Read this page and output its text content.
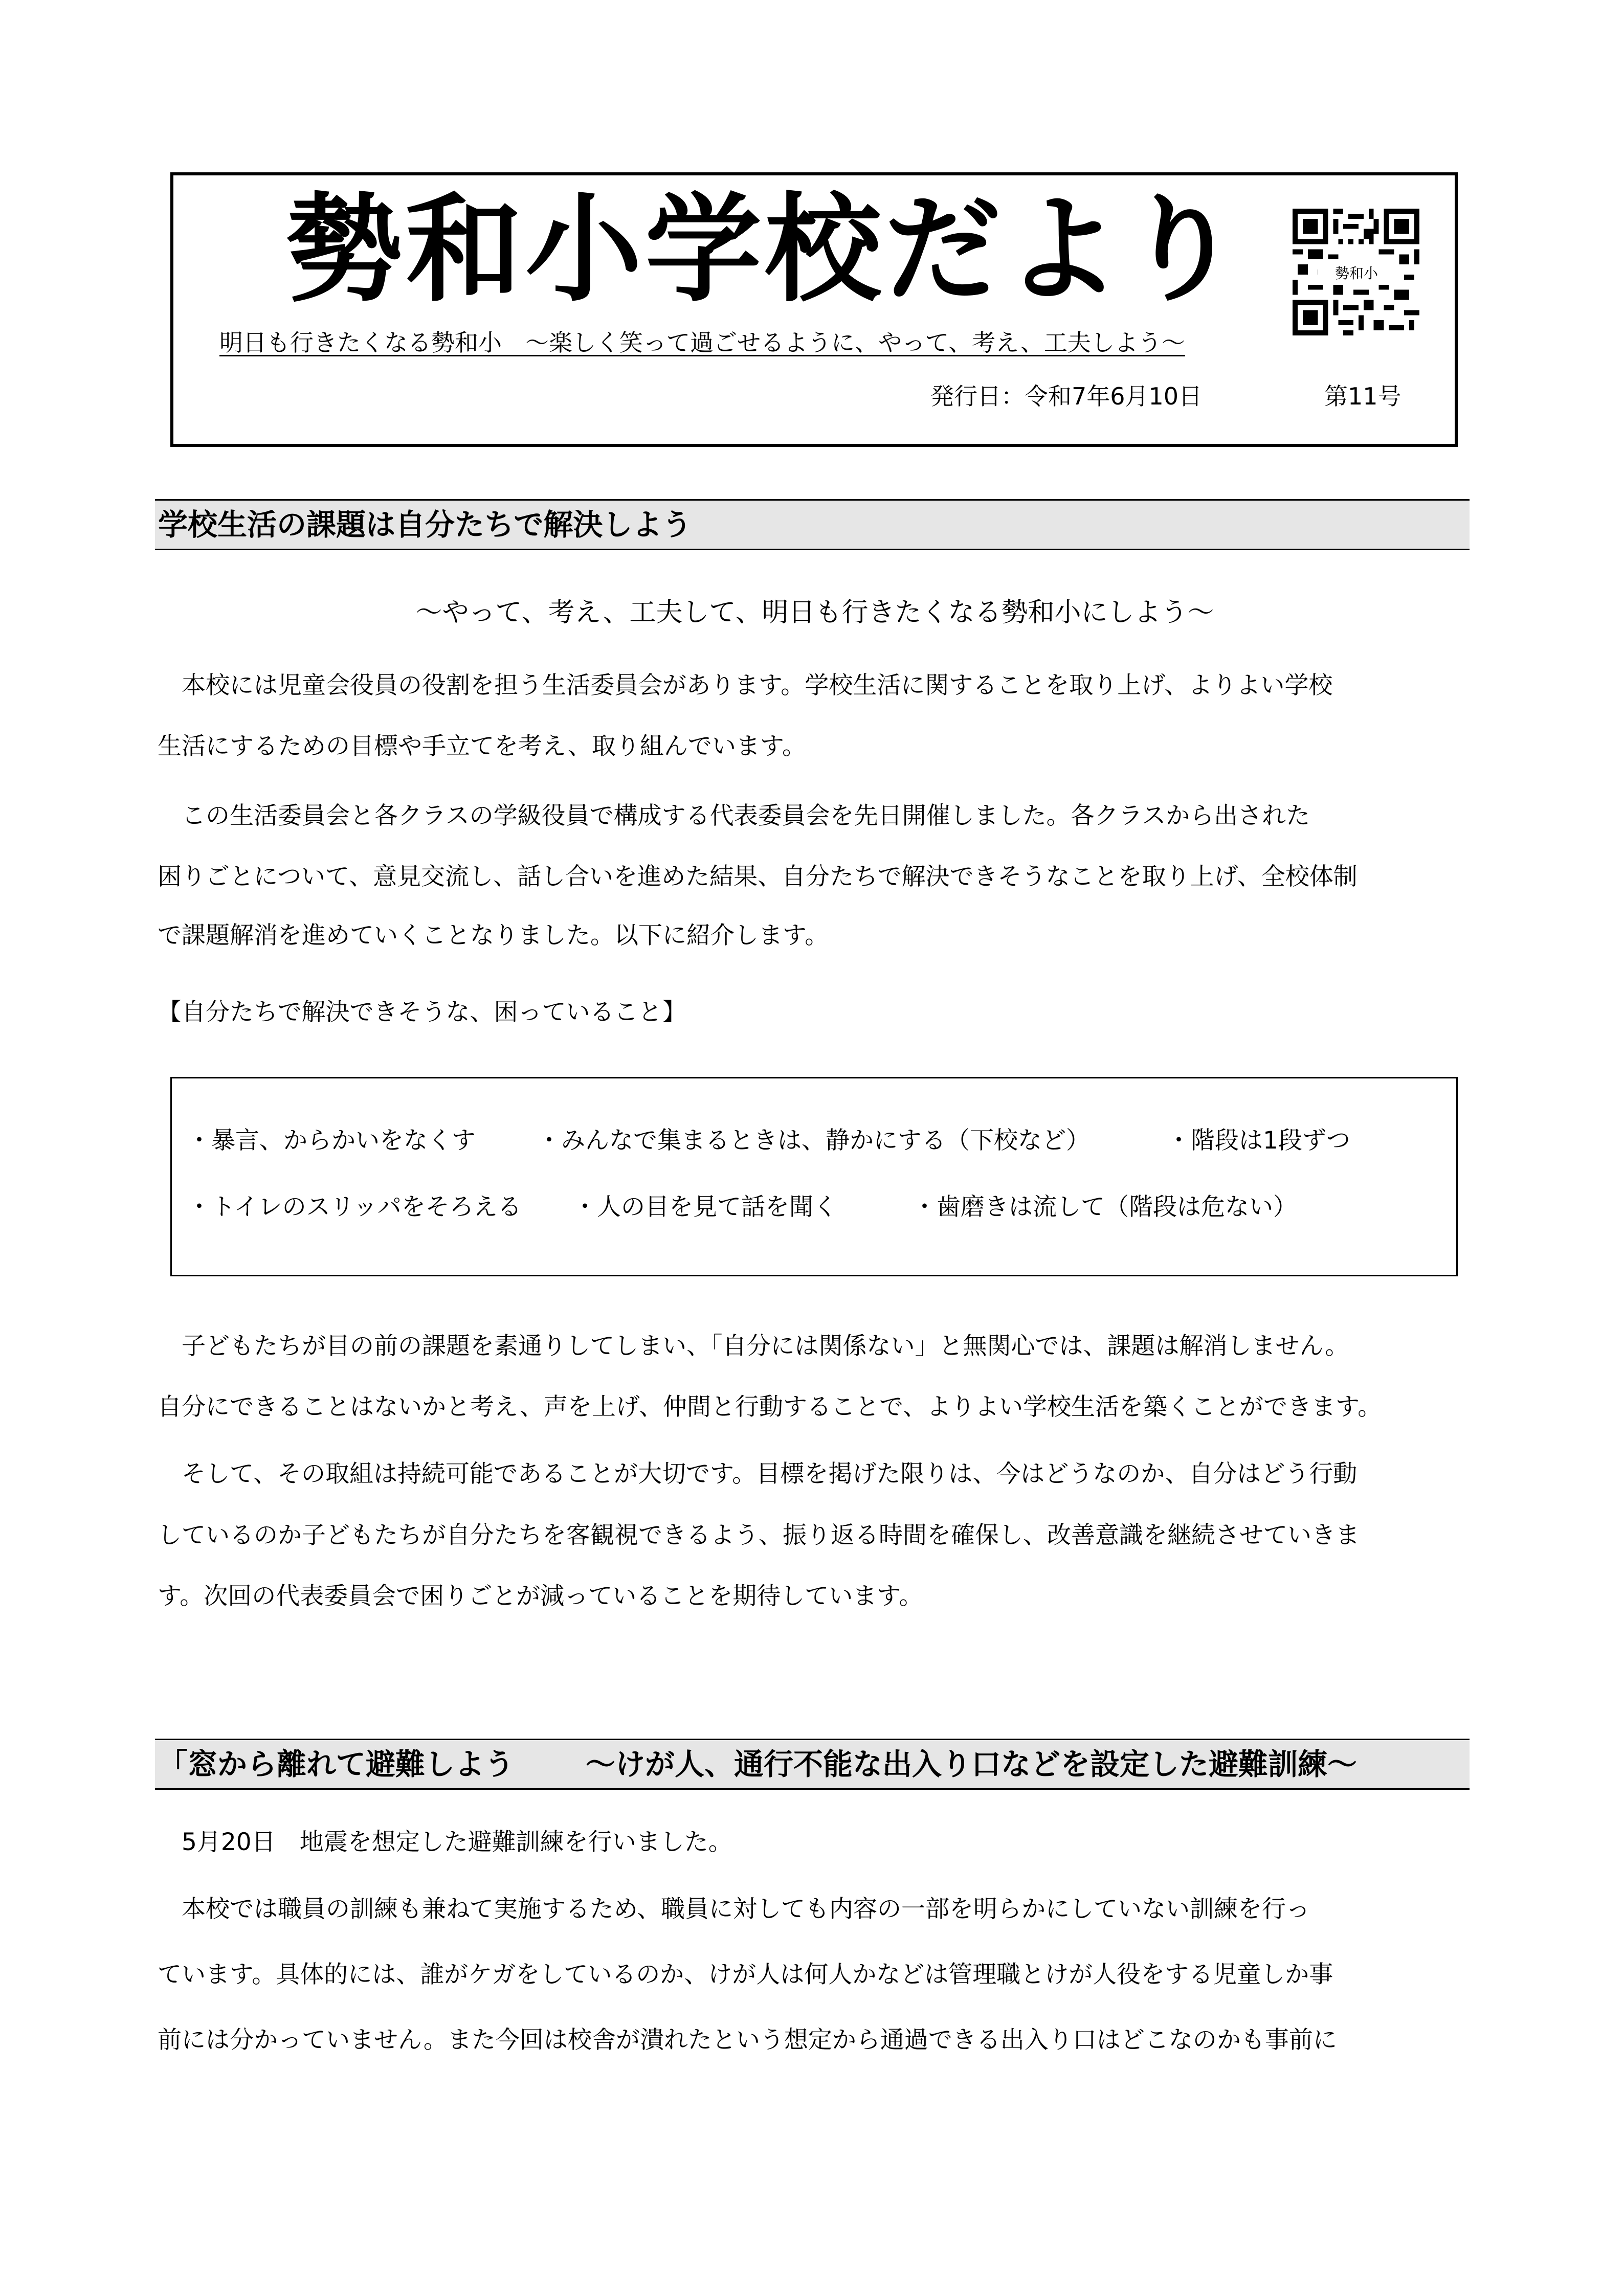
勢和小学校だより	勢和小
明日も行きたくなる勢和小　～楽しく笑って過ごせるように、やって、考え、工夫しよう～
発行日：令和7年6月10日	第11号
学校生活の課題は自分たちで解決しよう
～やって、考え、工夫して、明日も行きたくなる勢和小にしよう～
　本校には児童会役員の役割を担う生活委員会があります。学校生活に関することを取り上げ、よりよい学校
生活にするための目標や手立てを考え、取り組んでいます。
　この生活委員会と各クラスの学級役員で構成する代表委員会を先日開催しました。各クラスから出された
困りごとについて、意見交流し、話し合いを進めた結果、自分たちで解決できそうなことを取り上げ、全校体制
で課題解消を進めていくことなりました。以下に紹介します。
【自分たちで解決できそうな、困っていること】
・暴言、からかいをなくす	・みんなで集まるときは、静かにする（下校など）	・階段は1段ずつ
・トイレのスリッパをそろえる ・人の目を見て話を聞く	・歯磨きは流して（階段は危ない）
　子どもたちが目の前の課題を素通りしてしまい、「自分には関係ない」と無関心では、課題は解消しません。
自分にできることはないかと考え、声を上げ、仲間と行動することで、よりよい学校生活を築くことができます。
　そして、その取組は持続可能であることが大切です。目標を掲げた限りは、今はどうなのか、自分はどう行動
しているのか子どもたちが自分たちを客観視できるよう、振り返る時間を確保し、改善意識を継続させていきま
す。次回の代表委員会で困りごとが減っていることを期待しています。
「窓から離れて避難しよう ～けが人、通行不能な出入り口などを設定した避難訓練～
　5月20日　地震を想定した避難訓練を行いました。
　本校では職員の訓練も兼ねて実施するため、職員に対しても内容の一部を明らかにしていない訓練を行っ
ています。具体的には、誰がケガをしているのか、けが人は何人かなどは管理職とけが人役をする児童しか事
前には分かっていません。また今回は校舎が潰れたという想定から通過できる出入り口はどこなのかも事前に
